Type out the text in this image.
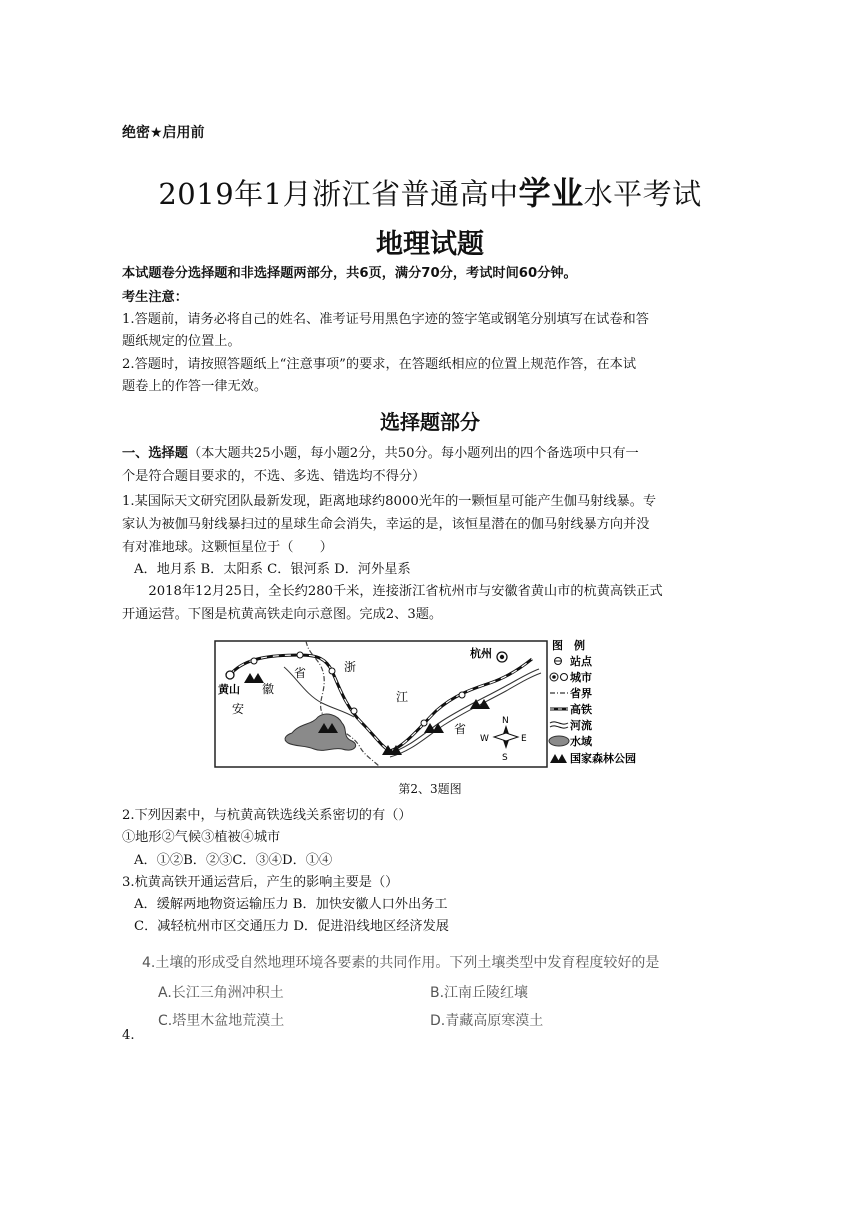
绝密★启用前
2019年1月浙江省普通高中学业水平考试
地理试题
本试题卷分选择题和非选择题两部分，共6页，满分70分，考试时间60分钟。
考生注意：
1.答题前，请务必将自己的姓名、准考证号用黑色字迹的签字笔或钢笔分别填写在试卷和答
题纸规定的位置上。
2.答题时，请按照答题纸上“注意事项”的要求，在答题纸相应的位置上规范作答，在本试
题卷上的作答一律无效。
选择题部分
一、选择题（本大题共25小题，每小题2分，共50分。每小题列出的四个备选项中只有一
个是符合题目要求的，不选、多选、错选均不得分）
1.某国际天文研究团队最新发现，距离地球约8000光年的一颗恒星可能产生伽马射线暴。专
家认为被伽马射线暴扫过的星球生命会消失，幸运的是，该恒星潜在的伽马射线暴方向并没
有对准地球。这颗恒星位于（　　）
A．地月系 B．太阳系 C．银河系 D．河外星系
2018年12月25日，全长约280千米，连接浙江省杭州市与安徽省黄山市的杭黄高铁正式
开通运营。下图是杭黄高铁走向示意图。完成2、3题。
黄山
杭州
安
徽
省	浙
江
省
N
S
E
W
图　例
站点
城市
省界
高铁
河流
水域
国家森林公园
第2、3题图
2.下列因素中，与杭黄高铁选线关系密切的有（）
①地形②气候③植被④城市
A．①②B．②③C．③④D．①④
3.杭黄高铁开通运营后，产生的影响主要是（）
A．缓解两地物资运输压力 B．加快安徽人口外出务工
C．减轻杭州市区交通压力 D．促进沿线地区经济发展
4.土壤的形成受自然地理环境各要素的共同作用。下列土壤类型中发育程度较好的是
A.长江三角洲冲积土	B.江南丘陵红壤
C.塔里木盆地荒漠土	D.青藏高原寒漠土
4.
